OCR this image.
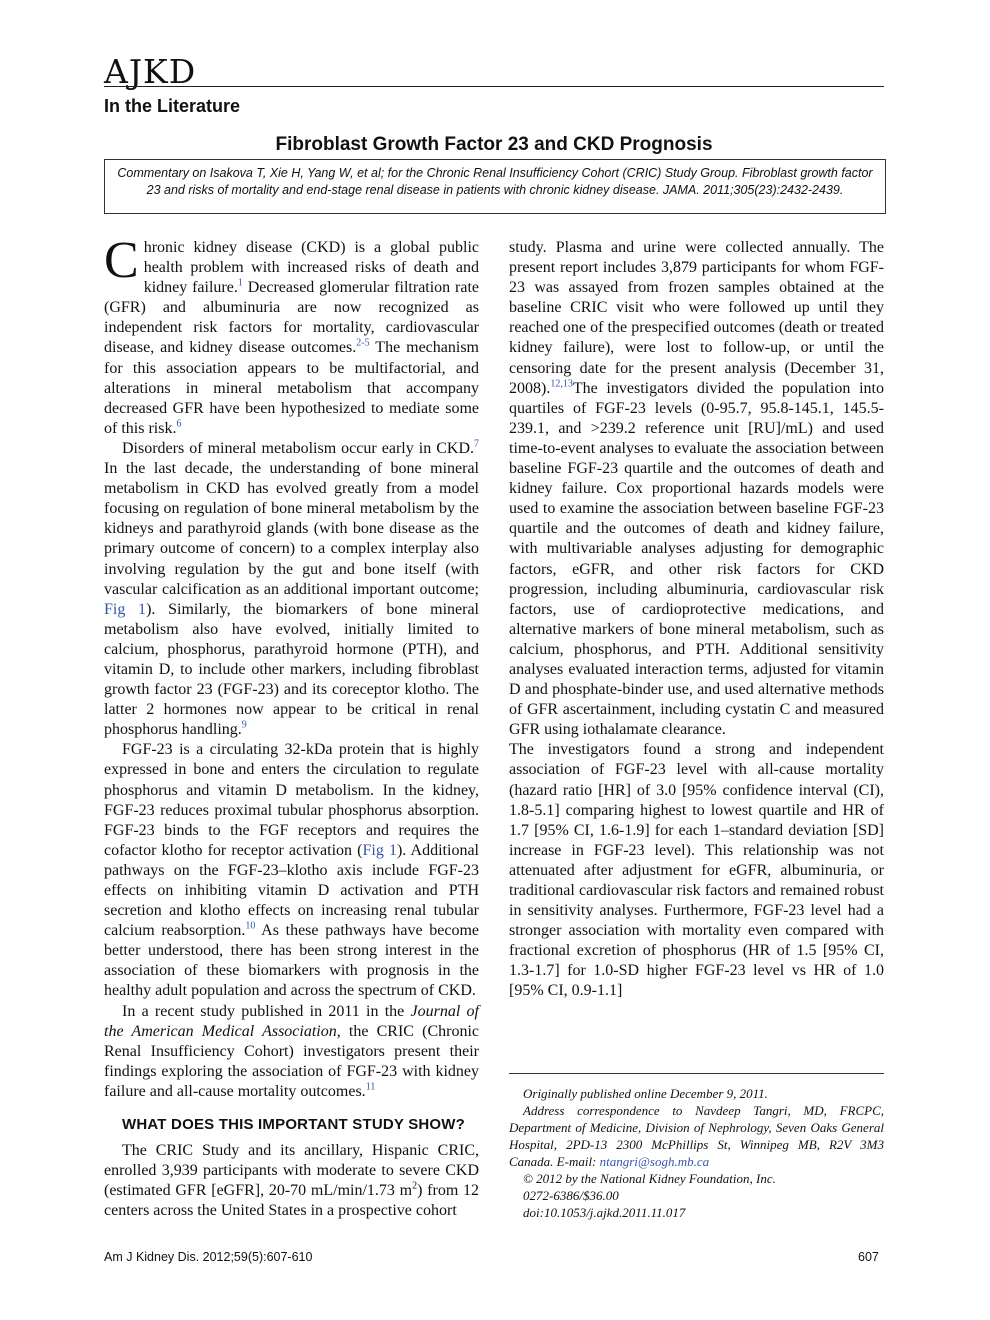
AJKD
In the Literature
Fibroblast Growth Factor 23 and CKD Prognosis
Commentary on Isakova T, Xie H, Yang W, et al; for the Chronic Renal Insufficiency Cohort (CRIC) Study Group. Fibroblast growth factor 23 and risks of mortality and end-stage renal disease in patients with chronic kidney disease. JAMA. 2011;305(23):2432-2439.

Chronic kidney disease (CKD) is a global public health problem with increased risks of death and kidney failure.$^1$ Decreased glomerular filtration rate (GFR) and albuminuria are now recognized as independent risk factors for mortality, cardiovascular disease, and kidney disease outcomes.$^{2-5}$ The mechanism for this association appears to be multifactorial, and alterations in mineral metabolism that accompany decreased GFR have been hypothesized to mediate some of this risk.$^6$

Disorders of mineral metabolism occur early in CKD.$^7$ In the last decade, the understanding of bone mineral metabolism in CKD has evolved greatly from a model focusing on regulation of bone mineral metabolism by the kidneys and parathyroid glands (with bone disease as the primary outcome of concern) to a complex interplay also involving regulation by the gut and bone itself (with vascular calcification as an additional important outcome; Fig 1). Similarly, the biomarkers of bone mineral metabolism also have evolved, initially limited to calcium, phosphorus, parathyroid hormone (PTH), and vitamin D, to include other markers, including fibroblast growth factor 23 (FGF-23) and its coreceptor klotho. The latter 2 hormones now appear to be critical in renal phosphorus handling.$^9$

FGF-23 is a circulating 32-kDa protein that is highly expressed in bone and enters the circulation to regulate phosphorus and vitamin D metabolism. In the kidney, FGF-23 reduces proximal tubular phosphorus absorption. FGF-23 binds to the FGF receptors and requires the cofactor klotho for receptor activation (Fig 1). Additional pathways on the FGF-23–klotho axis include FGF-23 effects on inhibiting vitamin D activation and PTH secretion and klotho effects on increasing renal tubular calcium reabsorption.$^{10}$ As these pathways have become better understood, there has been strong interest in the association of these biomarkers with prognosis in the healthy adult population and across the spectrum of CKD.

In a recent study published in 2011 in the Journal of the American Medical Association, the CRIC (Chronic Renal Insufficiency Cohort) investigators present their findings exploring the association of FGF-23 with kidney failure and all-cause mortality outcomes.$^{11}$

WHAT DOES THIS IMPORTANT STUDY SHOW?

The CRIC Study and its ancillary, Hispanic CRIC, enrolled 3,939 participants with moderate to severe CKD (estimated GFR [eGFR], 20-70 mL/min/1.73 $m^2$) from 12 centers across the United States in a prospective cohort

study. Plasma and urine were collected annually. The present report includes 3,879 participants for whom FGF-23 was assayed from frozen samples obtained at the baseline CRIC visit who were followed up until they reached one of the prespecified outcomes (death or treated kidney failure), were lost to follow-up, or until the censoring date for the present analysis (December 31, 2008).$^{12,13}$The investigators divided the population into quartiles of FGF-23 levels (0-95.7, 95.8-145.1, 145.5-239.1, and >239.2 reference unit [RU]/mL) and used time-to-event analyses to evaluate the association between baseline FGF-23 quartile and the outcomes of death and kidney failure. Cox proportional hazards models were used to examine the association between baseline FGF-23 quartile and the outcomes of death and kidney failure, with multivariable analyses adjusting for demographic factors, eGFR, and other risk factors for CKD progression, including albuminuria, cardiovascular risk factors, use of cardioprotective medications, and alternative markers of bone mineral metabolism, such as calcium, phosphorus, and PTH. Additional sensitivity analyses evaluated interaction terms, adjusted for vitamin D and phosphate-binder use, and used alternative methods of GFR ascertainment, including cystatin C and measured GFR using iothalamate clearance.

The investigators found a strong and independent association of FGF-23 level with all-cause mortality (hazard ratio [HR] of 3.0 [95% confidence interval (CI), 1.8-5.1] comparing highest to lowest quartile and HR of 1.7 [95% CI, 1.6-1.9] for each 1–standard deviation [SD] increase in FGF-23 level). This relationship was not attenuated after adjustment for eGFR, albuminuria, or traditional cardiovascular risk factors and remained robust in sensitivity analyses. Furthermore, FGF-23 level had a stronger association with mortality even compared with fractional excretion of phosphorus (HR of 1.5 [95% CI, 1.3-1.7] for 1.0-SD higher FGF-23 level vs HR of 1.0 [95% CI, 0.9-1.1]

Originally published online December 9, 2011.
Address correspondence to Navdeep Tangri, MD, FRCPC, Department of Medicine, Division of Nephrology, Seven Oaks General Hospital, 2PD-13 2300 McPhillips St, Winnipeg MB, R2V 3M3 Canada. E-mail: ntangri@sogh.mb.ca
© 2012 by the National Kidney Foundation, Inc.
0272-6386/$36.00
doi:10.1053/j.ajkd.2011.11.017
Am J Kidney Dis. 2012;59(5):607-610	607
